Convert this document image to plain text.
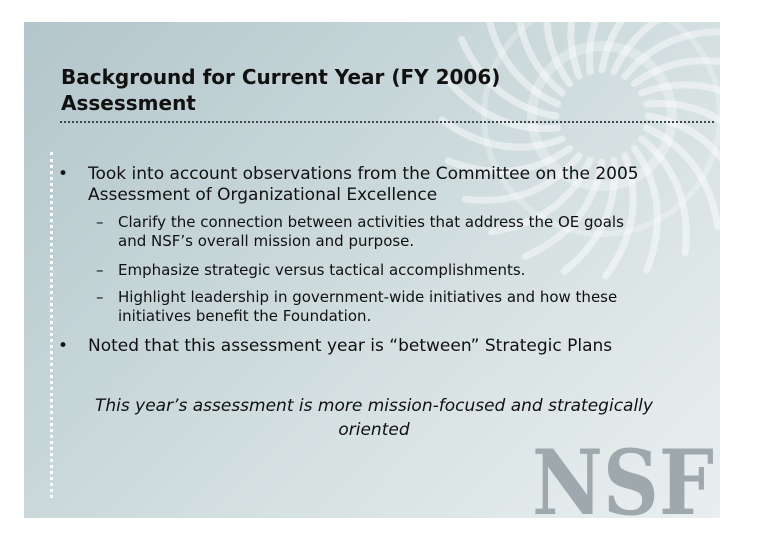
NSF
Background for Current Year (FY 2006)
Assessment
• Took into account observations from the Committee on the 2005
Assessment of Organizational Excellence
– Clarify the connection between activities that address the OE goals
and NSF’s overall mission and purpose.
– Emphasize strategic versus tactical accomplishments.
– Highlight leadership in government-wide initiatives and how these
initiatives benefit the Foundation.
• Noted that this assessment year is “between” Strategic Plans
This year’s assessment is more mission-focused and strategically
oriented
